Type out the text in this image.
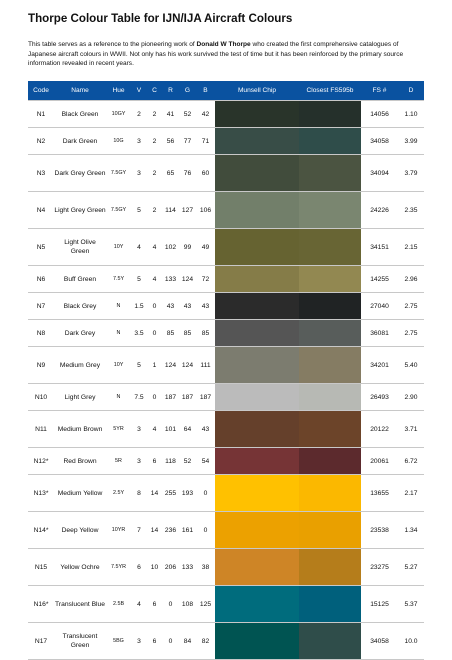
Thorpe Colour Table for IJN/IJA Aircraft Colours
This table serves as a reference to the pioneering work of Donald W Thorpe who created the first comprehensive catalogues of Japanese aircraft colours in WWII. Not only has his work survived the test of time but it has been reinforced by the primary source information revealed in recent years.
Code	Name	Hue	V	C	R	G	B	Munsell Chip	Closest FS595b	FS #	D
N1	Black Green	10GY	2	2	41	52	42			14056	1.10
N2	Dark Green	10G	3	2	56	77	71			34058	3.99
N3	Dark Grey Green	7.5GY	3	2	65	76	60			34094	3.79
N4	Light Grey Green	7.5GY	5	2	114	127	106			24226	2.35
N5	Light Olive Green	10Y	4	4	102	99	49			34151	2.15
N6	Buff Green	7.5Y	5	4	133	124	72			14255	2.96
N7	Black Grey	N	1.5	0	43	43	43			27040	2.75
N8	Dark Grey	N	3.5	0	85	85	85			36081	2.75
N9	Medium Grey	10Y	5	1	124	124	111			34201	5.40
N10	Light Grey	N	7.5	0	187	187	187			26493	2.90
N11	Medium Brown	5YR	3	4	101	64	43			20122	3.71
N12*	Red Brown	5R	3	6	118	52	54			20061	6.72
N13*	Medium Yellow	2.5Y	8	14	255	193	0			13655	2.17
N14*	Deep Yellow	10YR	7	14	236	161	0			23538	1.34
N15	Yellow Ochre	7.5YR	6	10	206	133	38			23275	5.27
N16*	Translucent Blue	2.5B	4	6	0	108	125			15125	5.37
N17	Translucent Green	5BG	3	6	0	84	82			34058	10.0
